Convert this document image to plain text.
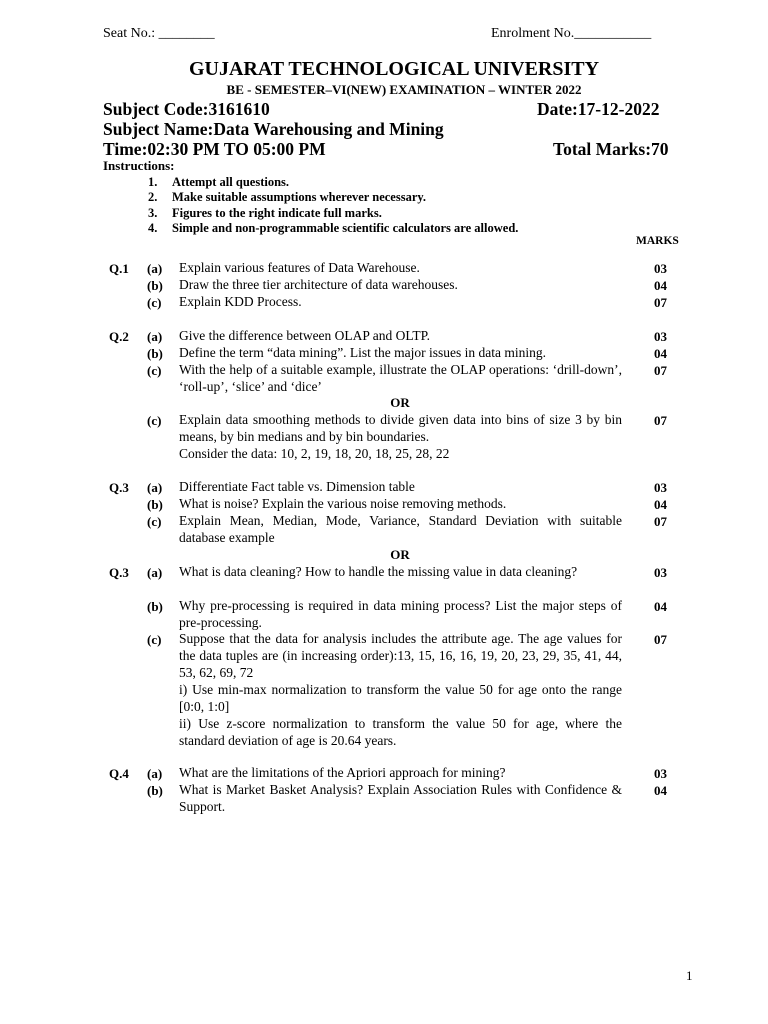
Seat No.: ________	Enrolment No.___________
GUJARAT TECHNOLOGICAL UNIVERSITY
BE - SEMESTER–VI(NEW) EXAMINATION – WINTER 2022
Subject Code:3161610	Date:17-12-2022
Subject Name:Data Warehousing and Mining
Time:02:30 PM TO 05:00 PM	Total Marks:70
Instructions:
1. Attempt all questions.
2. Make suitable assumptions wherever necessary.
3. Figures to the right indicate full marks.
4. Simple and non-programmable scientific calculators are allowed.
MARKS
Q.1 (a) Explain various features of Data Warehouse.	03
(b) Draw the three tier architecture of data warehouses.	04
(c) Explain KDD Process.	07
Q.2 (a) Give the difference between OLAP and OLTP.	03
(b) Define the term “data mining”. List the major issues in data mining.	04
(c) With the help of a suitable example, illustrate the OLAP operations: ‘drill-down’, ‘roll-up’, ‘slice’ and ‘dice’
07
OR
(c) Explain data smoothing methods to divide given data into bins of size 3 by bin means, by bin medians and by bin boundaries.
Consider the data: 10, 2, 19, 18, 20, 18, 25, 28, 22
07
Q.3 (a) Differentiate Fact table vs. Dimension table	03
(b) What is noise? Explain the various noise removing methods.	04
(c) Explain Mean, Median, Mode, Variance, Standard Deviation with suitable database example
07
OR
Q.3 (a) What is data cleaning? How to handle the missing value in data cleaning?	03
(b) Why pre-processing is required in data mining process? List the major steps of pre-processing.
04
(c) Suppose that the data for analysis includes the attribute age. The age values for the data tuples are (in increasing order):13, 15, 16, 16, 19, 20, 23, 29, 35, 41, 44, 53, 62, 69, 72
i) Use min-max normalization to transform the value 50 for age onto the range [0:0, 1:0]
ii) Use z-score normalization to transform the value 50 for age, where the standard deviation of age is 20.64 years.
07
Q.4 (a) What are the limitations of the Apriori approach for mining?	03
(b) What is Market Basket Analysis? Explain Association Rules with Confidence & Support.
04
1
